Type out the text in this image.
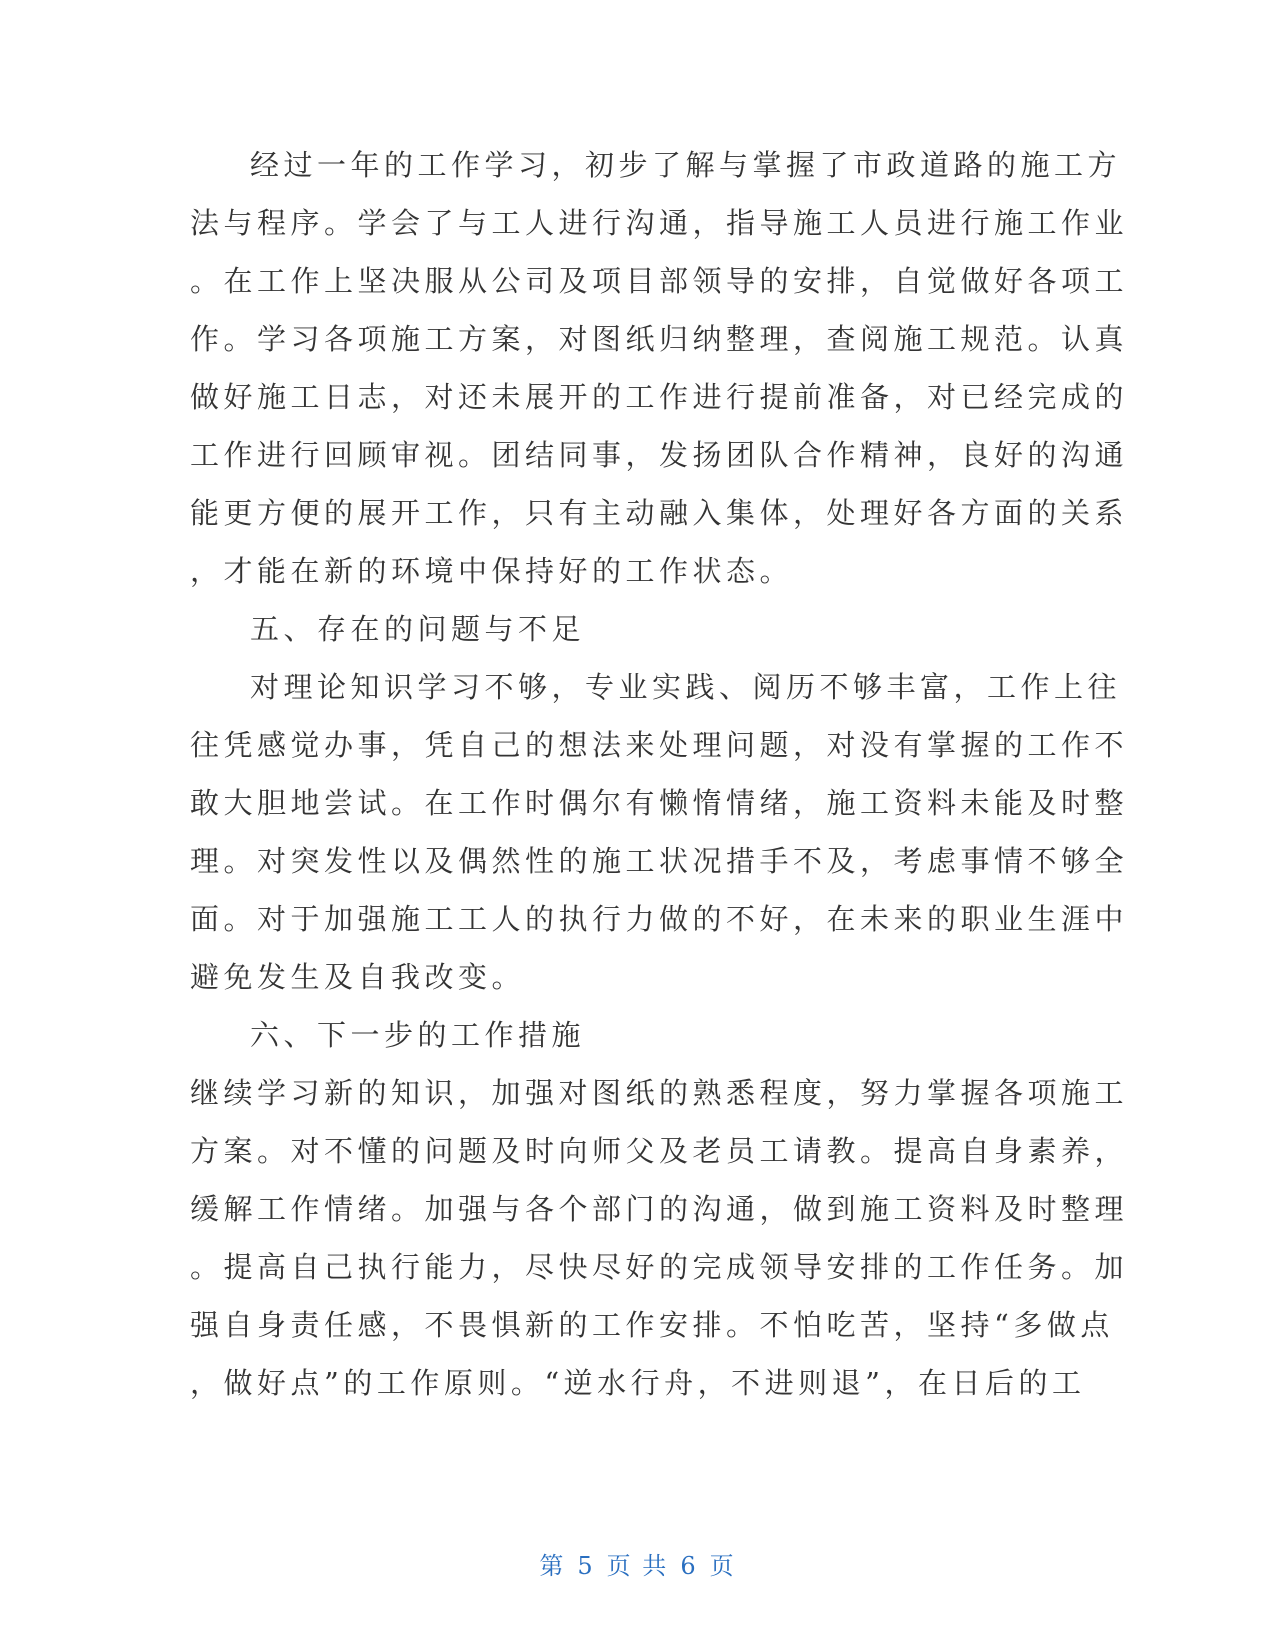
经过一年的工作学习，初步了解与掌握了市政道路的施工方
法与程序。学会了与工人进行沟通，指导施工人员进行施工作业
。在工作上坚决服从公司及项目部领导的安排，自觉做好各项工
作。学习各项施工方案，对图纸归纳整理，查阅施工规范。认真
做好施工日志，对还未展开的工作进行提前准备，对已经完成的
工作进行回顾审视。团结同事，发扬团队合作精神，良好的沟通
能更方便的展开工作，只有主动融入集体，处理好各方面的关系
，才能在新的环境中保持好的工作状态。
五、存在的问题与不足
对理论知识学习不够，专业实践、阅历不够丰富，工作上往
往凭感觉办事，凭自己的想法来处理问题，对没有掌握的工作不
敢大胆地尝试。在工作时偶尔有懒惰情绪，施工资料未能及时整
理。对突发性以及偶然性的施工状况措手不及，考虑事情不够全
面。对于加强施工工人的执行力做的不好，在未来的职业生涯中
避免发生及自我改变。
六、下一步的工作措施
继续学习新的知识，加强对图纸的熟悉程度，努力掌握各项施工
方案。对不懂的问题及时向师父及老员工请教。提高自身素养，
缓解工作情绪。加强与各个部门的沟通，做到施工资料及时整理
。提高自己执行能力，尽快尽好的完成领导安排的工作任务。加
强自身责任感，不畏惧新的工作安排。不怕吃苦，坚持“多做点
，做好点”的工作原则。“逆水行舟，不进则退”，在日后的工
第 5 页 共 6 页
